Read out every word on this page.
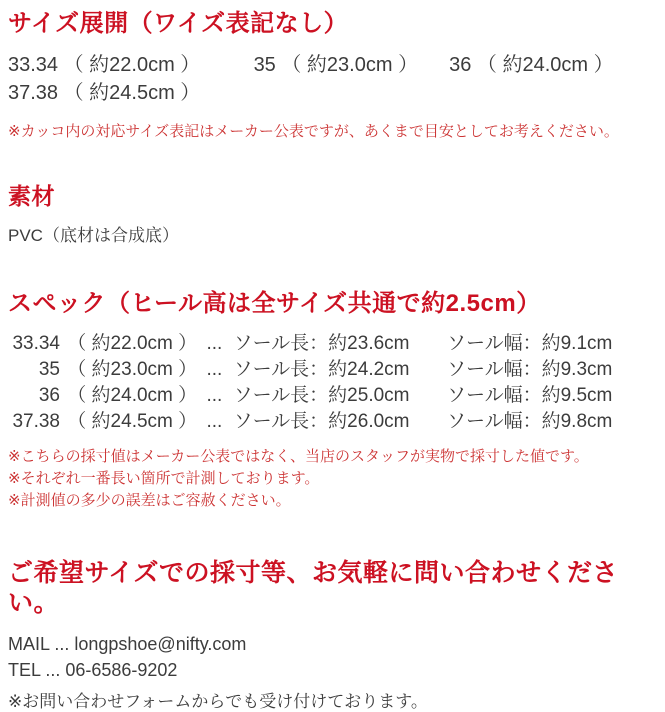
サイズ展開（ワイズ表記なし）
33.34 （ 約22.0cm ）	35 （ 約23.0cm ） 36 （ 約24.0cm ）
37.38 （ 約24.5cm ）
※カッコ内の対応サイズ表記はメーカー公表ですが、あくまで目安としてお考えください。
素材
PVC（底材は合成底）
スペック（ヒール高は全サイズ共通で約2.5cm）
33.34 （ 約22.0cm ） ... ソール長：約23.6cm ソール幅：約9.1cm
35 （ 約23.0cm ） ... ソール長：約24.2cm ソール幅：約9.3cm
36 （ 約24.0cm ） ... ソール長：約25.0cm ソール幅：約9.5cm
37.38 （ 約24.5cm ） ... ソール長：約26.0cm ソール幅：約9.8cm
※こちらの採寸値はメーカー公表ではなく、当店のスタッフが実物で採寸した値です。
※それぞれ一番長い箇所で計測しております。
※計測値の多少の誤差はご容赦ください。
ご希望サイズでの採寸等、お気軽に問い合わせください。
MAIL ... longpshoe@nifty.com
TEL ... 06-6586-9202
※お問い合わせフォームからでも受け付けております。
